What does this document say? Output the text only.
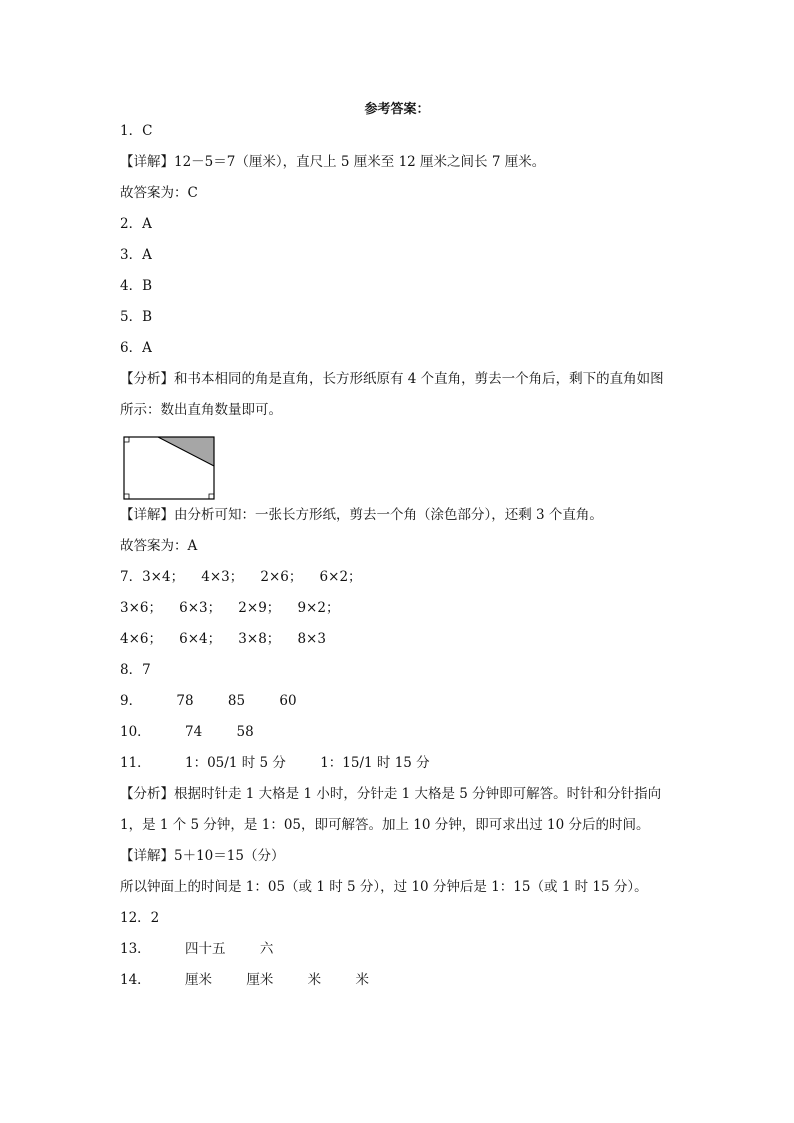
参考答案：

1．C

【详解】12－5＝7（厘米），直尺上 5 厘米至 12 厘米之间长 7 厘米。

故答案为：C

2．A

3．A

4．B

5．B

6．A

【分析】和书本相同的角是直角，长方形纸原有 4 个直角，剪去一个角后，剩下的直角如图

所示：数出直角数量即可。

【详解】由分析可知：一张长方形纸，剪去一个角（涂色部分），还剩 3 个直角。

故答案为：A

7．3×4；    4×3；    2×6；    6×2；

3×6；    6×3；    2×9；    9×2；

4×6；    6×4；    3×8；    8×3

8．7

9．        78        85        60

10．        74        58

11．        1：05/1 时 5 分        1：15/1 时 15 分

【分析】根据时针走 1 大格是 1 小时，分针走 1 大格是 5 分钟即可解答。时针和分针指向

1，是 1 个 5 分钟，是 1：05，即可解答。加上 10 分钟，即可求出过 10 分后的时间。

【详解】5＋10＝15（分）

所以钟面上的时间是 1：05（或 1 时 5 分），过 10 分钟后是 1：15（或 1 时 15 分）。

12．2

13．        四十五        六

14．        厘米        厘米        米        米
